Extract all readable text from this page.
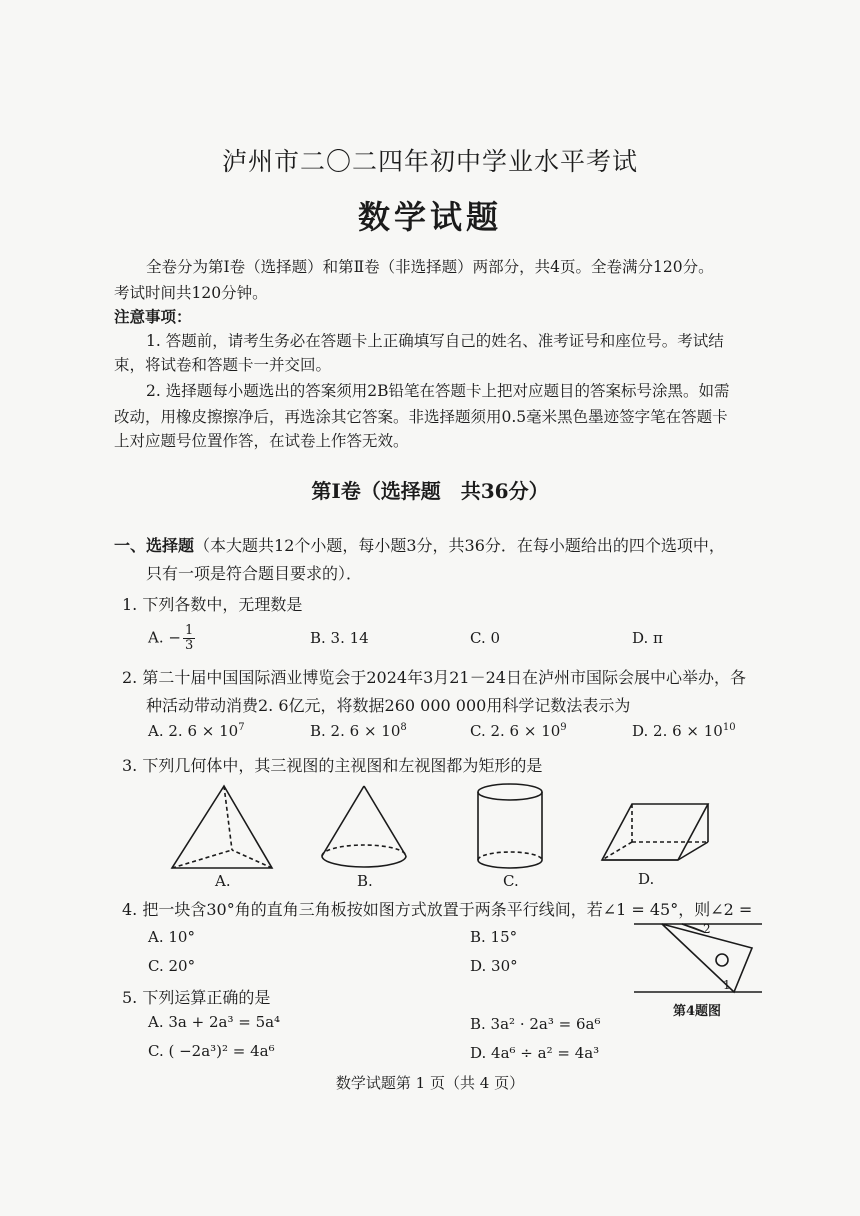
泸州市二〇二四年初中学业水平考试
数学试题
全卷分为第Ⅰ卷（选择题）和第Ⅱ卷（非选择题）两部分，共4页。全卷满分120分。
考试时间共120分钟。
注意事项：
1. 答题前，请考生务必在答题卡上正确填写自己的姓名、准考证号和座位号。考试结
束，将试卷和答题卡一并交回。
2. 选择题每小题选出的答案须用2B铅笔在答题卡上把对应题目的答案标号涂黑。如需
改动，用橡皮擦擦净后，再选涂其它答案。非选择题须用0.5毫米黑色墨迹签字笔在答题卡
上对应题号位置作答，在试卷上作答无效。
第Ⅰ卷（选择题　共36分）
一、选择题（本大题共12个小题，每小题3分，共36分．在每小题给出的四个选项中，
只有一项是符合题目要求的）．
1. 下列各数中，无理数是
A. − $\frac{1}{3}$	B. 3. 14	C. 0	D. π
2. 第二十届中国国际酒业博览会于2024年3月21－24日在泸州市国际会展中心举办，各
种活动带动消费2. 6亿元，将数据260 000 000用科学记数法表示为
A. 2. $6 \times 10^7$	B. 2. $6 \times 10^8$	C. 2. $6 \times 10^9$	D. 2. $6 \times 10^{10}$
3. 下列几何体中，其三视图的主视图和左视图都为矩形的是
A.	B.	C.	D.
4. 把一块含30°角的直角三角板按如图方式放置于两条平行线间，若∠1 = 45°，则∠2 =
A. 10°	B. 15°
C. 20°	D. 30°
2
1
第4题图
5. 下列运算正确的是
A. 3a + 2a³ = 5a⁴	B. 3a² · 2a³ = 6a⁶
C. ( −2a³)² = 4a⁶	D. 4a⁶ ÷ a² = 4a³
数学试题第 1 页（共 4 页）
